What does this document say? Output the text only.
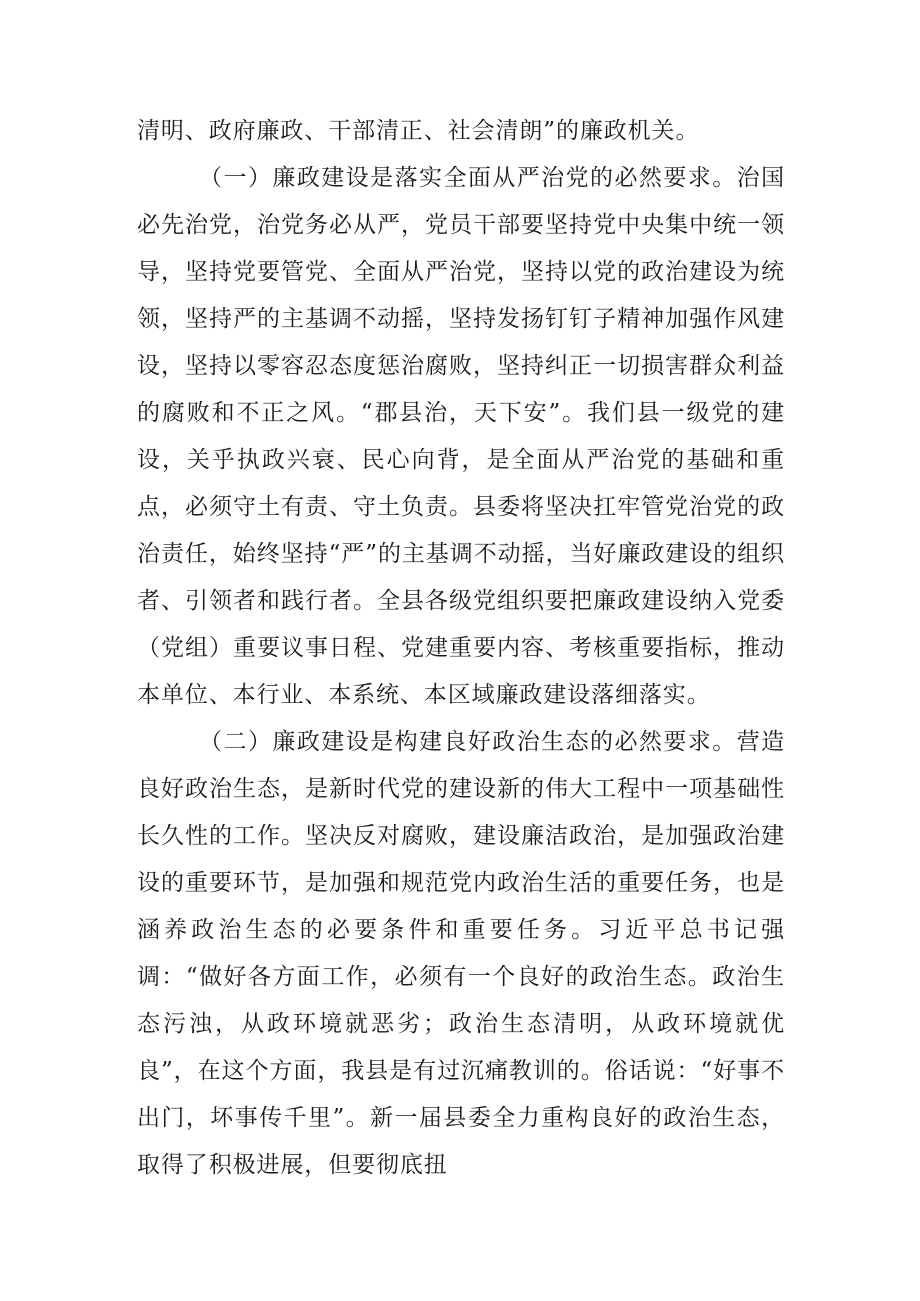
清明、政府廉政、干部清正、社会清朗”的廉政机关。

（一）廉政建设是落实全面从严治党的必然要求。治国必先治党，治党务必从严，党员干部要坚持党中央集中统一领导，坚持党要管党、全面从严治党，坚持以党的政治建设为统领，坚持严的主基调不动摇，坚持发扬钉钉子精神加强作风建设，坚持以零容忍态度惩治腐败，坚持纠正一切损害群众利益的腐败和不正之风。“郡县治，天下安”。我们县一级党的建设，关乎执政兴衰、民心向背，是全面从严治党的基础和重点，必须守土有责、守土负责。县委将坚决扛牢管党治党的政治责任，始终坚持“严”的主基调不动摇，当好廉政建设的组织者、引领者和践行者。全县各级党组织要把廉政建设纳入党委（党组）重要议事日程、党建重要内容、考核重要指标，推动本单位、本行业、本系统、本区域廉政建设落细落实。

（二）廉政建设是构建良好政治生态的必然要求。营造良好政治生态，是新时代党的建设新的伟大工程中一项基础性长久性的工作。坚决反对腐败，建设廉洁政治，是加强政治建设的重要环节，是加强和规范党内政治生活的重要任务，也是涵养政治生态的必要条件和重要任务。习近平总书记强调：“做好各方面工作，必须有一个良好的政治生态。政治生态污浊，从政环境就恶劣；政治生态清明，从政环境就优良”，在这个方面，我县是有过沉痛教训的。俗话说：“好事不出门，坏事传千里”。新一届县委全力重构良好的政治生态，取得了积极进展，但要彻底扭
